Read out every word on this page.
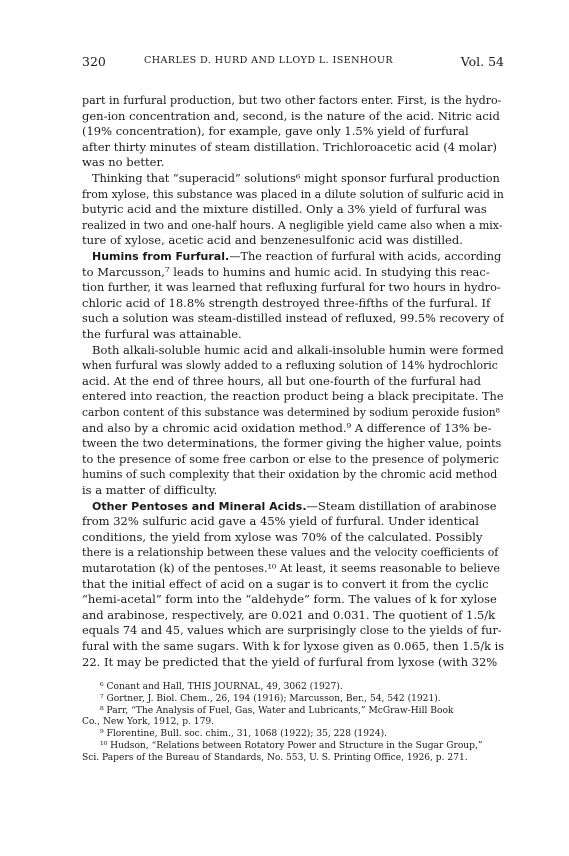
320	CHARLES D. HURD AND LLOYD L. ISENHOUR	Vol. 54
part in furfural production, but two other factors enter. First, is the hydro-
gen-ion concentration and, second, is the nature of the acid. Nitric acid
(19% concentration), for example, gave only 1.5% yield of furfural
after thirty minutes of steam distillation. Trichloroacetic acid (4 molar)
was no better.
Thinking that “superacid” solutions⁶ might sponsor furfural production
from xylose, this substance was placed in a dilute solution of sulfuric acid in
butyric acid and the mixture distilled. Only a 3% yield of furfural was
realized in two and one-half hours. A negligible yield came also when a mix-
ture of xylose, acetic acid and benzenesulfonic acid was distilled.
Humins from Furfural.—The reaction of furfural with acids, according
to Marcusson,⁷ leads to humins and humic acid. In studying this reac-
tion further, it was learned that refluxing furfural for two hours in hydro-
chloric acid of 18.8% strength destroyed three-fifths of the furfural. If
such a solution was steam-distilled instead of refluxed, 99.5% recovery of
the furfural was attainable.
Both alkali-soluble humic acid and alkali-insoluble humin were formed
when furfural was slowly added to a refluxing solution of 14% hydrochloric
acid. At the end of three hours, all but one-fourth of the furfural had
entered into reaction, the reaction product being a black precipitate. The
carbon content of this substance was determined by sodium peroxide fusion⁸
and also by a chromic acid oxidation method.⁹ A difference of 13% be-
tween the two determinations, the former giving the higher value, points
to the presence of some free carbon or else to the presence of polymeric
humins of such complexity that their oxidation by the chromic acid method
is a matter of difficulty.
Other Pentoses and Mineral Acids.—Steam distillation of arabinose
from 32% sulfuric acid gave a 45% yield of furfural. Under identical
conditions, the yield from xylose was 70% of the calculated. Possibly
there is a relationship between these values and the velocity coefficients of
mutarotation (k) of the pentoses.¹⁰ At least, it seems reasonable to believe
that the initial effect of acid on a sugar is to convert it from the cyclic
“hemi-acetal” form into the “aldehyde” form. The values of k for xylose
and arabinose, respectively, are 0.021 and 0.031. The quotient of 1.5/k
equals 74 and 45, values which are surprisingly close to the yields of fur-
fural with the same sugars. With k for lyxose given as 0.065, then 1.5/k is
22. It may be predicted that the yield of furfural from lyxose (with 32%
⁶ Conant and Hall, THIS JOURNAL, 49, 3062 (1927).
⁷ Gortner, J. Biol. Chem., 26, 194 (1916); Marcusson, Ber., 54, 542 (1921).
⁸ Parr, “The Analysis of Fuel, Gas, Water and Lubricants,” McGraw-Hill Book
Co., New York, 1912, p. 179.
⁹ Florentine, Bull. soc. chim., 31, 1068 (1922); 35, 228 (1924).
¹⁰ Hudson, “Relations between Rotatory Power and Structure in the Sugar Group,”
Sci. Papers of the Bureau of Standards, No. 553, U. S. Printing Office, 1926, p. 271.
